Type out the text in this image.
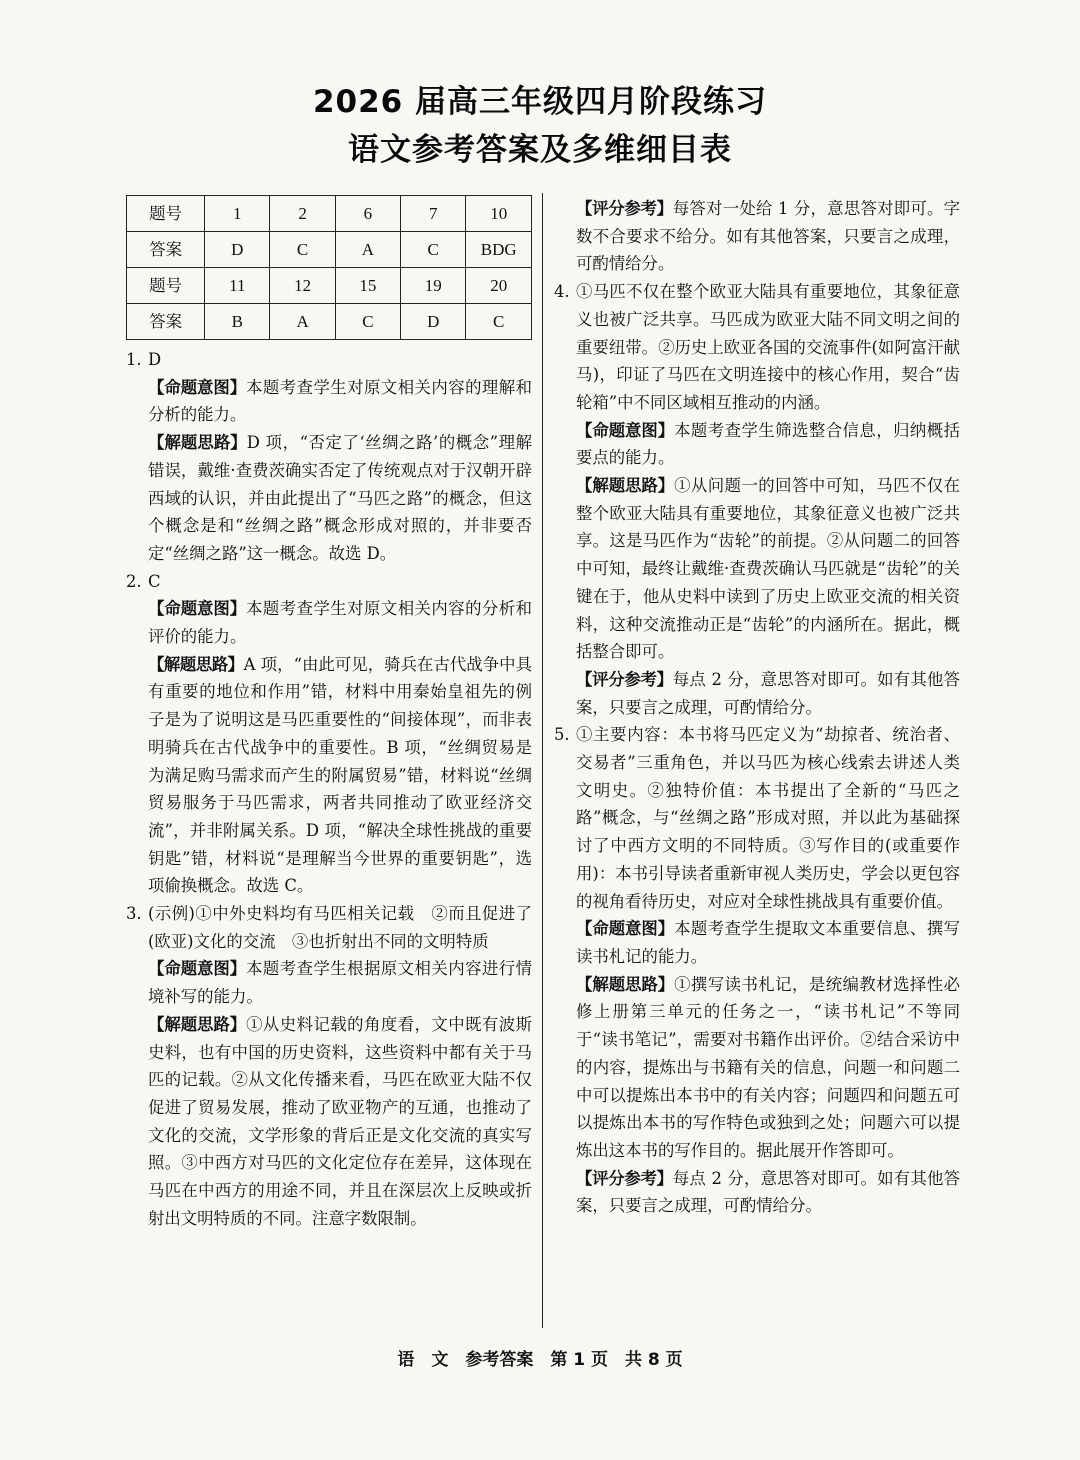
2026 届高三年级四月阶段练习
语文参考答案及多维细目表
题号	1	2	6	7	10
答案	D	C	A	C	BDG
题号	11	12	15	19	20
答案	B	A	C	D	C

1. D

【命题意图】本题考查学生对原文相关内容的理解和分析的能力。

【解题思路】D 项，“否定了‘丝绸之路’的概念”理解错误，戴维·查费茨确实否定了传统观点对于汉朝开辟西域的认识，并由此提出了“马匹之路”的概念，但这个概念是和“丝绸之路”概念形成对照的，并非要否定“丝绸之路”这一概念。故选 D。

2. C

【命题意图】本题考查学生对原文相关内容的分析和评价的能力。

【解题思路】A 项，“由此可见，骑兵在古代战争中具有重要的地位和作用”错，材料中用秦始皇祖先的例子是为了说明这是马匹重要性的“间接体现”，而非表明骑兵在古代战争中的重要性。B 项，“丝绸贸易是为满足购马需求而产生的附属贸易”错，材料说“丝绸贸易服务于马匹需求，两者共同推动了欧亚经济交流”，并非附属关系。D 项，“解决全球性挑战的重要钥匙”错，材料说“是理解当今世界的重要钥匙”，选项偷换概念。故选 C。

3. (示例)①中外史料均有马匹相关记载　②而且促进了(欧亚)文化的交流　③也折射出不同的文明特质

【命题意图】本题考查学生根据原文相关内容进行情境补写的能力。

【解题思路】①从史料记载的角度看，文中既有波斯史料，也有中国的历史资料，这些资料中都有关于马匹的记载。②从文化传播来看，马匹在欧亚大陆不仅促进了贸易发展，推动了欧亚物产的互通，也推动了文化的交流，文学形象的背后正是文化交流的真实写照。③中西方对马匹的文化定位存在差异，这体现在马匹在中西方的用途不同，并且在深层次上反映或折射出文明特质的不同。注意字数限制。

【评分参考】每答对一处给 1 分，意思答对即可。字数不合要求不给分。如有其他答案，只要言之成理，可酌情给分。

4. ①马匹不仅在整个欧亚大陆具有重要地位，其象征意义也被广泛共享。马匹成为欧亚大陆不同文明之间的重要纽带。②历史上欧亚各国的交流事件(如阿富汗献马)，印证了马匹在文明连接中的核心作用，契合“齿轮箱”中不同区域相互推动的内涵。

【命题意图】本题考查学生筛选整合信息，归纳概括要点的能力。

【解题思路】①从问题一的回答中可知，马匹不仅在整个欧亚大陆具有重要地位，其象征意义也被广泛共享。这是马匹作为“齿轮”的前提。②从问题二的回答中可知，最终让戴维·查费茨确认马匹就是“齿轮”的关键在于，他从史料中读到了历史上欧亚交流的相关资料，这种交流推动正是“齿轮”的内涵所在。据此，概括整合即可。

【评分参考】每点 2 分，意思答对即可。如有其他答案，只要言之成理，可酌情给分。

5. ①主要内容：本书将马匹定义为“劫掠者、统治者、交易者”三重角色，并以马匹为核心线索去讲述人类文明史。②独特价值：本书提出了全新的“马匹之路”概念，与“丝绸之路”形成对照，并以此为基础探讨了中西方文明的不同特质。③写作目的(或重要作用)：本书引导读者重新审视人类历史，学会以更包容的视角看待历史，对应对全球性挑战具有重要价值。

【命题意图】本题考查学生提取文本重要信息、撰写读书札记的能力。

【解题思路】①撰写读书札记，是统编教材选择性必修上册第三单元的任务之一，“读书札记”不等同于“读书笔记”，需要对书籍作出评价。②结合采访中的内容，提炼出与书籍有关的信息，问题一和问题二中可以提炼出本书中的有关内容；问题四和问题五可以提炼出本书的写作特色或独到之处；问题六可以提炼出这本书的写作目的。据此展开作答即可。

【评分参考】每点 2 分，意思答对即可。如有其他答案，只要言之成理，可酌情给分。

语　文　参考答案　第 1 页　共 8 页
